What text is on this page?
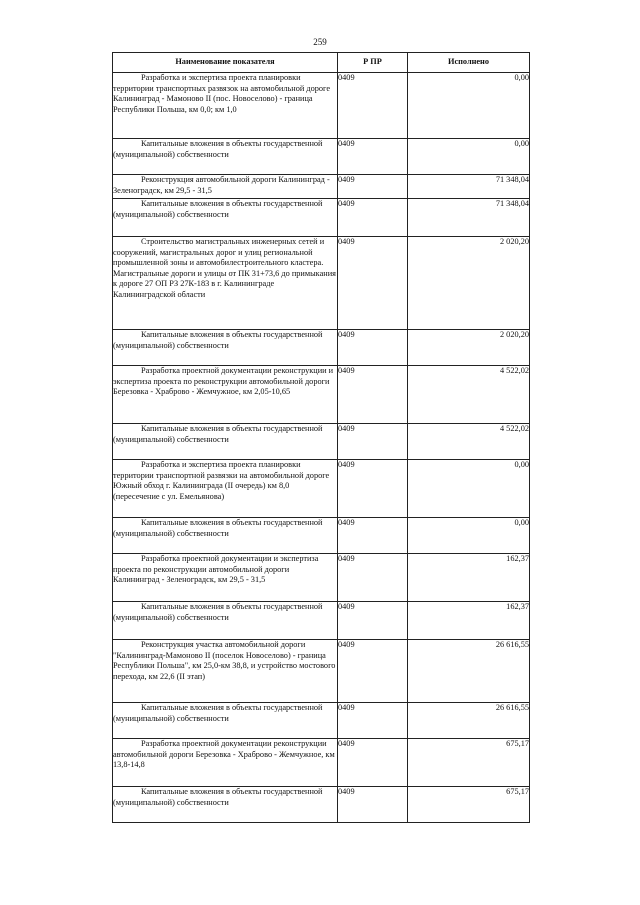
259
Наименование показателя	Р ПР	Исполнено
Разработка и экспертиза проекта планировки территории транспортных развязок на автомобильной дороге Калининград - Мамоново II (пос. Новоселово) - граница Республики Польша, км 0,0; км 1,0	0409	0,00
Капитальные вложения в объекты государственной (муниципальной) собственности	0409	0,00
Реконструкция автомобильной дороги Калининград - Зеленоградск, км 29,5 - 31,5	0409	71 348,04
Капитальные вложения в объекты государственной (муниципальной) собственности	0409	71 348,04
Строительство магистральных инженерных сетей и сооружений, магистральных дорог и улиц региональной промышленной зоны и автомобилестроительного кластера. Магистральные дороги и улицы от ПК 31+73,6 до примыкания к дороге 27 ОП РЗ 27К-183 в г. Калининграде Калининградской области	0409	2 020,20
Капитальные вложения в объекты государственной (муниципальной) собственности	0409	2 020,20
Разработка проектной документации реконструкции и экспертиза проекта по реконструкции автомобильной дороги Березовка - Храброво - Жемчужное, км 2,05-10,65	0409	4 522,02
Капитальные вложения в объекты государственной (муниципальной) собственности	0409	4 522,02
Разработка и экспертиза проекта планировки территории транспортной развязки на автомобильной дороге Южный обход г. Калининграда (II очередь) км 8,0 (пересечение с ул. Емельянова)	0409	0,00
Капитальные вложения в объекты государственной (муниципальной) собственности	0409	0,00
Разработка проектной документации и экспертиза проекта по реконструкции автомобильной дороги Калининград - Зеленоградск, км 29,5 - 31,5	0409	162,37
Капитальные вложения в объекты государственной (муниципальной) собственности	0409	162,37
Реконструкция участка автомобильной дороги "Калининград-Мамоново II (поселок Новоселово) - граница Республики Польша", км 25,0-км 38,8, и устройство мостового перехода, км 22,6 (II этап)	0409	26 616,55
Капитальные вложения в объекты государственной (муниципальной) собственности	0409	26 616,55
Разработка проектной документации реконструкции автомобильной дороги Березовка - Храброво - Жемчужное, км 13,8-14,8	0409	675,17
Капитальные вложения в объекты государственной (муниципальной) собственности	0409	675,17
